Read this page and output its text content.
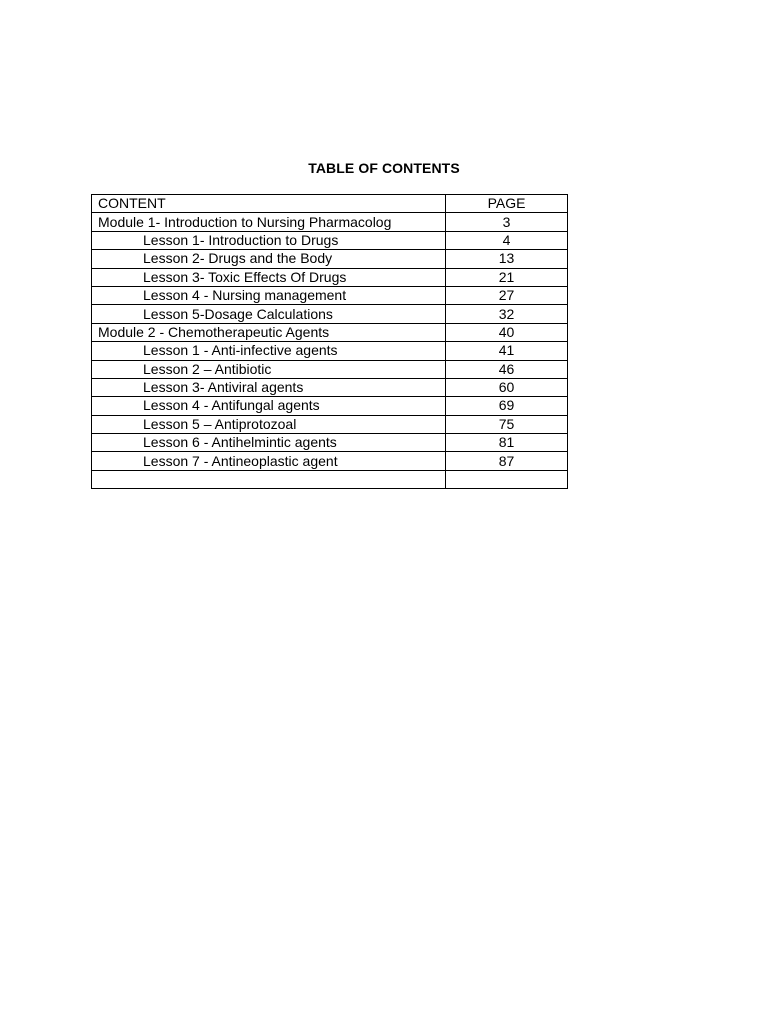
TABLE OF CONTENTS
CONTENT	PAGE
Module 1- Introduction to Nursing Pharmacolog	3
Lesson 1- Introduction to Drugs	4
Lesson 2- Drugs and the Body	13
Lesson 3- Toxic Effects Of Drugs	21
Lesson 4 - Nursing management	27
Lesson 5-Dosage Calculations	32
Module 2 - Chemotherapeutic Agents	40
Lesson 1 - Anti-infective agents	41
Lesson 2 – Antibiotic	46
Lesson 3- Antiviral agents	60
Lesson 4 - Antifungal agents	69
Lesson 5 – Antiprotozoal	75
Lesson 6 - Antihelmintic agents	81
Lesson 7 - Antineoplastic agent	87
